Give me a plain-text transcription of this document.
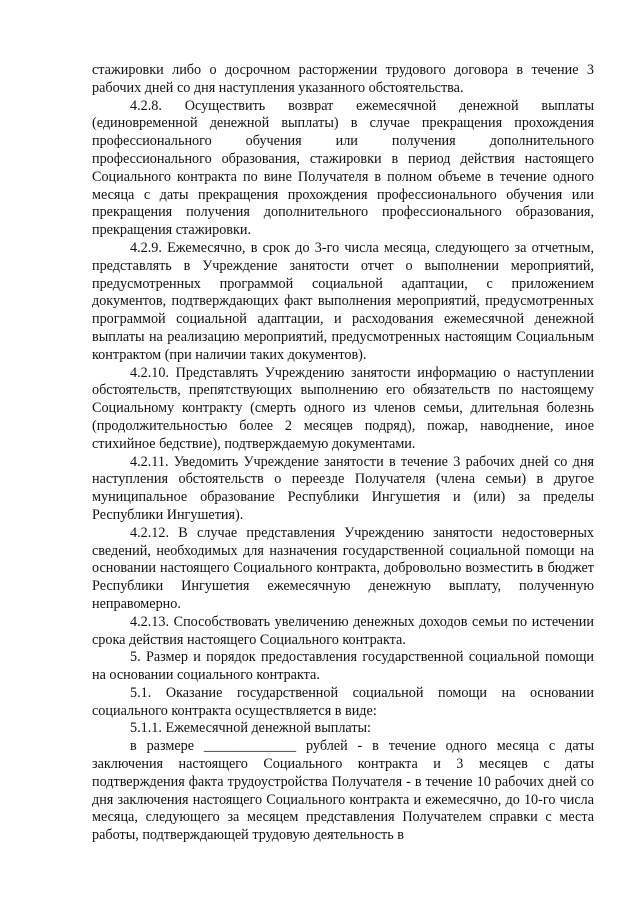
стажировки либо о досрочном расторжении трудового договора в течение 3 рабочих дней со дня наступления указанного обстоятельства.

4.2.8. Осуществить возврат ежемесячной денежной выплаты (единовременной денежной выплаты) в случае прекращения прохождения профессионального обучения или получения дополнительного профессионального образования, стажировки в период действия настоящего Социального контракта по вине Получателя в полном объеме в течение одного месяца с даты прекращения прохождения профессионального обучения или прекращения получения дополнительного профессионального образования, прекращения стажировки.

4.2.9. Ежемесячно, в срок до 3-го числа месяца, следующего за отчетным, представлять в Учреждение занятости отчет о выполнении мероприятий, предусмотренных программой социальной адаптации, с приложением документов, подтверждающих факт выполнения мероприятий, предусмотренных программой социальной адаптации, и расходования ежемесячной денежной выплаты на реализацию мероприятий, предусмотренных настоящим Социальным контрактом (при наличии таких документов).

4.2.10. Представлять Учреждению занятости информацию о наступлении обстоятельств, препятствующих выполнению его обязательств по настоящему Социальному контракту (смерть одного из членов семьи, длительная болезнь (продолжительностью более 2 месяцев подряд), пожар, наводнение, иное стихийное бедствие), подтверждаемую документами.

4.2.11. Уведомить Учреждение занятости в течение 3 рабочих дней со дня наступления обстоятельств о переезде Получателя (члена семьи) в другое муниципальное образование Республики Ингушетия и (или) за пределы Республики Ингушетия).

4.2.12. В случае представления Учреждению занятости недостоверных сведений, необходимых для назначения государственной социальной помощи на основании настоящего Социального контракта, добровольно возместить в бюджет Республики Ингушетия ежемесячную денежную выплату, полученную неправомерно.

4.2.13. Способствовать увеличению денежных доходов семьи по истечении срока действия настоящего Социального контракта.

5. Размер и порядок предоставления государственной социальной помощи на основании социального контракта.

5.1. Оказание государственной социальной помощи на основании социального контракта осуществляется в виде:

5.1.1. Ежемесячной денежной выплаты:

в размере _____________ рублей - в течение одного месяца с даты заключения настоящего Социального контракта и 3 месяцев с даты подтверждения факта трудоустройства Получателя - в течение 10 рабочих дней со дня заключения настоящего Социального контракта и ежемесячно, до 10-го числа месяца, следующего за месяцем представления Получателем справки с места работы, подтверждающей трудовую деятельность в
